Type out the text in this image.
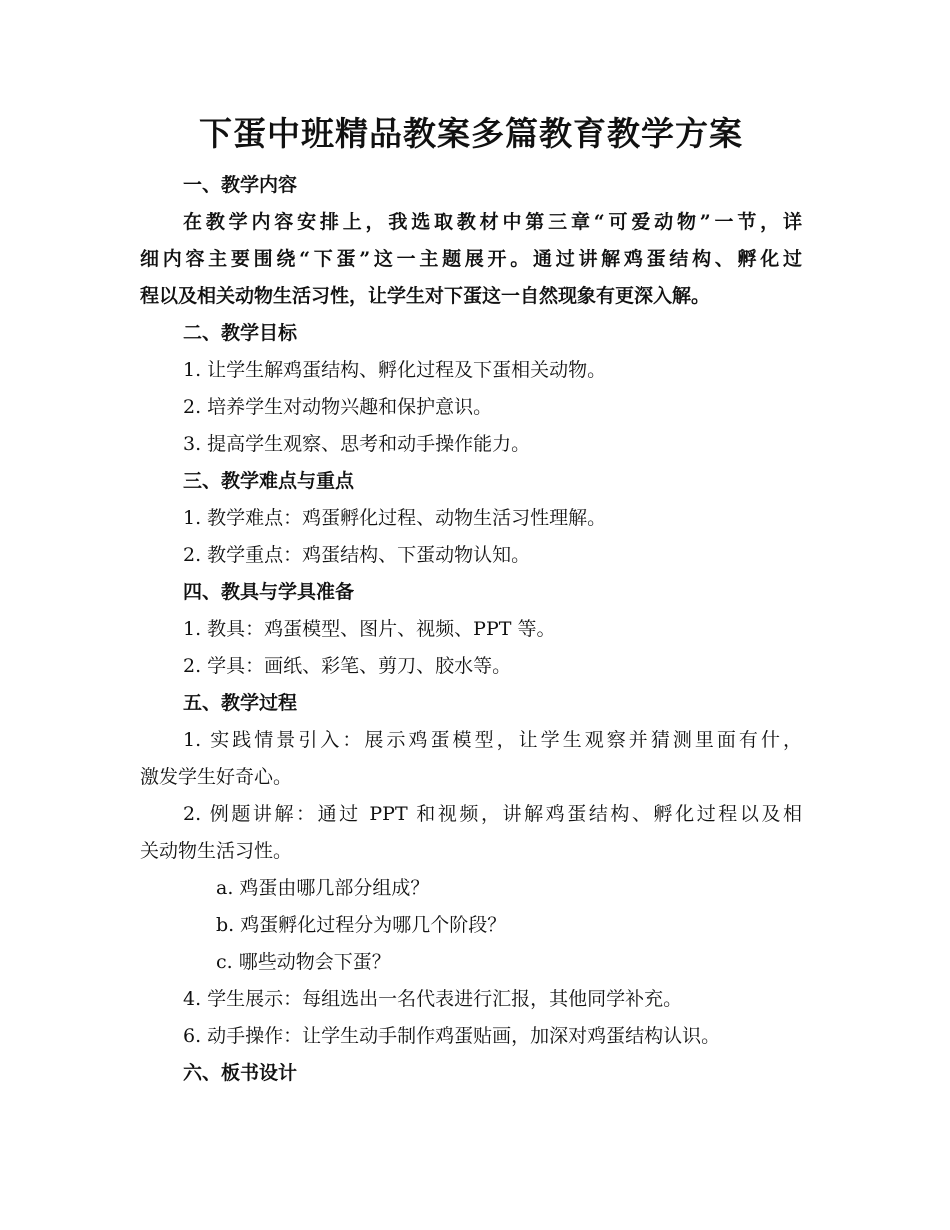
下蛋中班精品教案多篇教育教学方案
一、教学内容
在教学内容安排上，我选取教材中第三章“可爱动物”一节，详
细内容主要围绕“下蛋”这一主题展开。通过讲解鸡蛋结构、孵化过
程以及相关动物生活习性，让学生对下蛋这一自然现象有更深入解。
二、教学目标
1. 让学生解鸡蛋结构、孵化过程及下蛋相关动物。
2. 培养学生对动物兴趣和保护意识。
3. 提高学生观察、思考和动手操作能力。
三、教学难点与重点
1. 教学难点：鸡蛋孵化过程、动物生活习性理解。
2. 教学重点：鸡蛋结构、下蛋动物认知。
四、教具与学具准备
1. 教具：鸡蛋模型、图片、视频、PPT 等。
2. 学具：画纸、彩笔、剪刀、胶水等。
五、教学过程
1. 实践情景引入：展示鸡蛋模型，让学生观察并猜测里面有什，
激发学生好奇心。
2. 例题讲解：通过 PPT 和视频，讲解鸡蛋结构、孵化过程以及相
关动物生活习性。
a. 鸡蛋由哪几部分组成？
b. 鸡蛋孵化过程分为哪几个阶段？
c. 哪些动物会下蛋？
4. 学生展示：每组选出一名代表进行汇报，其他同学补充。
6. 动手操作：让学生动手制作鸡蛋贴画，加深对鸡蛋结构认识。
六、板书设计
